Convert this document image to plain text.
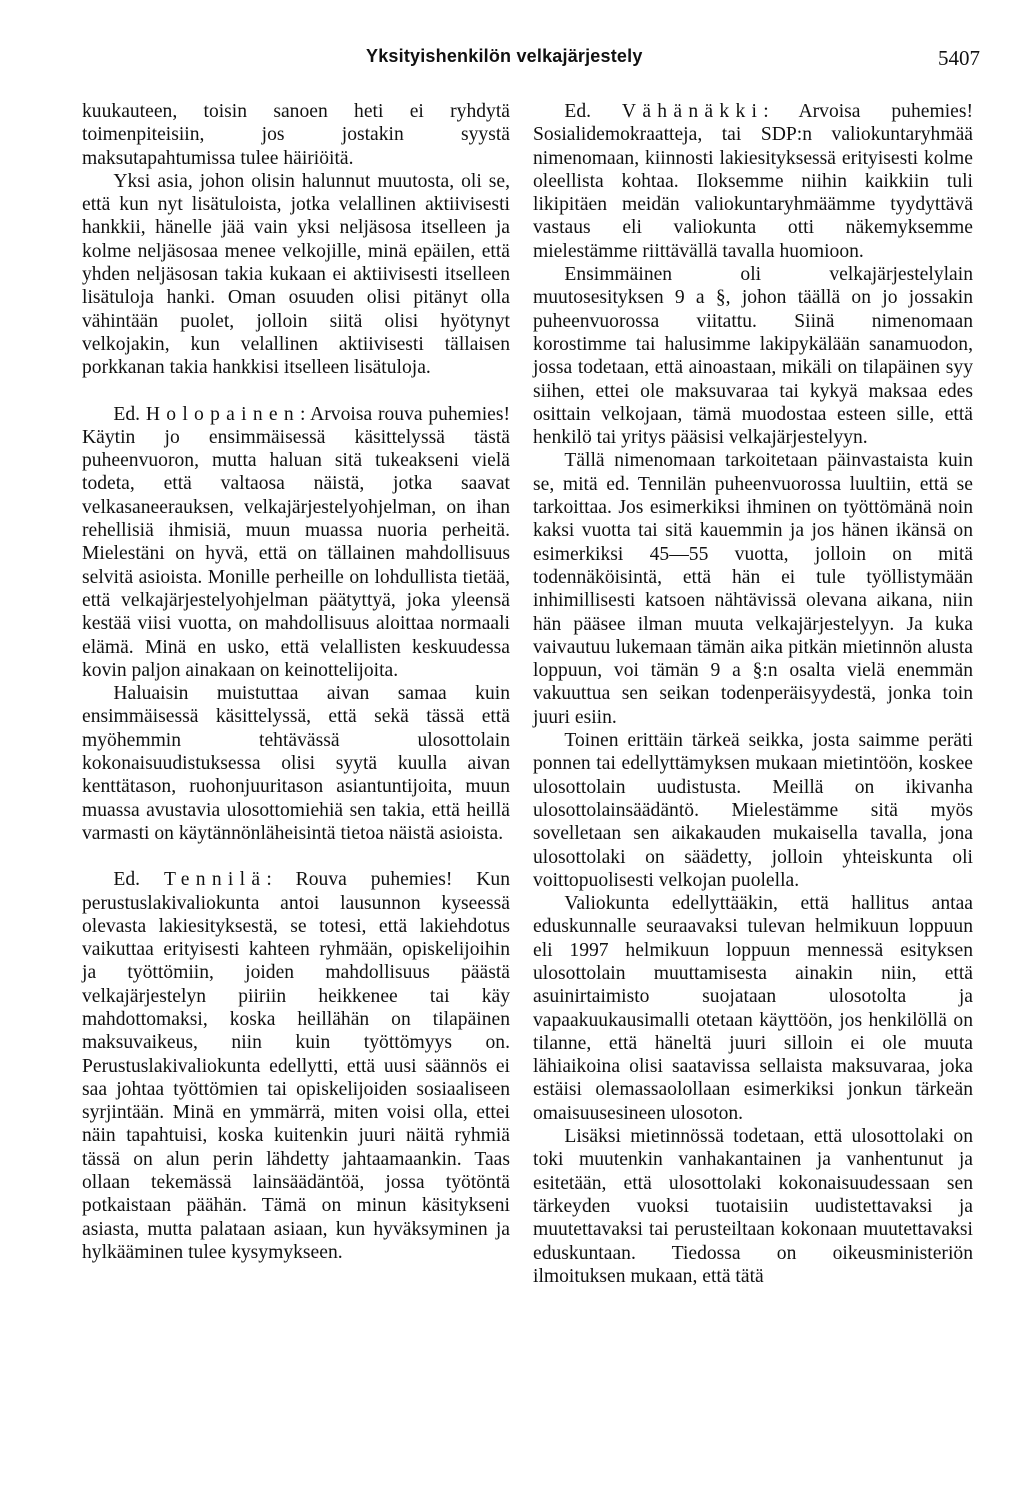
Yksityishenkilön velkajärjestely	5407

kuukauteen, toisin sanoen heti ei ryhdytä toimenpiteisiin, jos jostakin syystä maksutapahtumissa tulee häiriöitä.

Yksi asia, johon olisin halunnut muutosta, oli se, että kun nyt lisätuloista, jotka velallinen aktiivisesti hankkii, hänelle jää vain yksi neljäsosa itselleen ja kolme neljäsosaa menee velkojille, minä epäilen, että yhden neljäsosan takia kukaan ei aktiivisesti itselleen lisätuloja hanki. Oman osuuden olisi pitänyt olla vähintään puolet, jolloin siitä olisi hyötynyt velkojakin, kun velallinen aktiivisesti tällaisen porkkanan takia hankkisi itselleen lisätuloja.

Ed. Holopainen: Arvoisa rouva puhemies! Käytin jo ensimmäisessä käsittelyssä tästä puheenvuoron, mutta haluan sitä tukeakseni vielä todeta, että valtaosa näistä, jotka saavat velkasaneerauksen, velkajärjestelyohjelman, on ihan rehellisiä ihmisiä, muun muassa nuoria perheitä. Mielestäni on hyvä, että on tällainen mahdollisuus selvitä asioista. Monille perheille on lohdullista tietää, että velkajärjestelyohjelman päätyttyä, joka yleensä kestää viisi vuotta, on mahdollisuus aloittaa normaali elämä. Minä en usko, että velallisten keskuudessa kovin paljon ainakaan on keinottelijoita.

Haluaisin muistuttaa aivan samaa kuin ensimmäisessä käsittelyssä, että sekä tässä että myöhemmin tehtävässä ulosottolain kokonaisuudistuksessa olisi syytä kuulla aivan kenttätason, ruohonjuuritason asiantuntijoita, muun muassa avustavia ulosottomiehiä sen takia, että heillä varmasti on käytännönläheisintä tietoa näistä asioista.

Ed. Tennilä: Rouva puhemies! Kun perustuslakivaliokunta antoi lausunnon kyseessä olevasta lakiesityksestä, se totesi, että lakiehdotus vaikuttaa erityisesti kahteen ryhmään, opiskelijoihin ja työttömiin, joiden mahdollisuus päästä velkajärjestelyn piiriin heikkenee tai käy mahdottomaksi, koska heillähän on tilapäinen maksuvaikeus, niin kuin työttömyys on. Perustuslakivaliokunta edellytti, että uusi säännös ei saa johtaa työttömien tai opiskelijoiden sosiaaliseen syrjintään. Minä en ymmärrä, miten voisi olla, ettei näin tapahtuisi, koska kuitenkin juuri näitä ryhmiä tässä on alun perin lähdetty jahtaamaankin. Taas ollaan tekemässä lainsäädäntöä, jossa työtöntä potkaistaan päähän. Tämä on minun käsitykseni asiasta, mutta palataan asiaan, kun hyväksyminen ja hylkääminen tulee kysymykseen.

Ed. Vähänäkki: Arvoisa puhemies! Sosialidemokraatteja, tai SDP:n valiokuntaryhmää nimenomaan, kiinnosti lakiesityksessä erityisesti kolme oleellista kohtaa. Iloksemme niihin kaikkiin tuli likipitäen meidän valiokuntaryhmäämme tyydyttävä vastaus eli valiokunta otti näkemyksemme mielestämme riittävällä tavalla huomioon.

Ensimmäinen oli velkajärjestelylain muutosesityksen 9 a §, johon täällä on jo jossakin puheenvuorossa viitattu. Siinä nimenomaan korostimme tai halusimme lakipykälään sanamuodon, jossa todetaan, että ainoastaan, mikäli on tilapäinen syy siihen, ettei ole maksuvaraa tai kykyä maksaa edes osittain velkojaan, tämä muodostaa esteen sille, että henkilö tai yritys pääsisi velkajärjestelyyn.

Tällä nimenomaan tarkoitetaan päinvastaista kuin se, mitä ed. Tennilän puheenvuorossa luultiin, että se tarkoittaa. Jos esimerkiksi ihminen on työttömänä noin kaksi vuotta tai sitä kauemmin ja jos hänen ikänsä on esimerkiksi 45—55 vuotta, jolloin on mitä todennäköisintä, että hän ei tule työllistymään inhimillisesti katsoen nähtävissä olevana aikana, niin hän pääsee ilman muuta velkajärjestelyyn. Ja kuka vaivautuu lukemaan tämän aika pitkän mietinnön alusta loppuun, voi tämän 9 a §:n osalta vielä enemmän vakuuttua sen seikan todenperäisyydestä, jonka toin juuri esiin.

Toinen erittäin tärkeä seikka, josta saimme peräti ponnen tai edellyttämyksen mukaan mietintöön, koskee ulosottolain uudistusta. Meillä on ikivanha ulosottolainsäädäntö. Mielestämme sitä myös sovelletaan sen aikakauden mukaisella tavalla, jona ulosottolaki on säädetty, jolloin yhteiskunta oli voittopuolisesti velkojan puolella.

Valiokunta edellyttääkin, että hallitus antaa eduskunnalle seuraavaksi tulevan helmikuun loppuun eli 1997 helmikuun loppuun mennessä esityksen ulosottolain muuttamisesta ainakin niin, että asuinirtaimisto suojataan ulosotolta ja vapaakuukausimalli otetaan käyttöön, jos henkilöllä on tilanne, että häneltä juuri silloin ei ole muuta lähiaikoina olisi saatavissa sellaista maksuvaraa, joka estäisi olemassaolollaan esimerkiksi jonkun tärkeän omaisuusesineen ulosoton.

Lisäksi mietinnössä todetaan, että ulosottolaki on toki muutenkin vanhakantainen ja vanhentunut ja esitetään, että ulosottolaki kokonaisuudessaan sen tärkeyden vuoksi tuotaisiin uudistettavaksi ja muutettavaksi tai perusteiltaan kokonaan muutettavaksi eduskuntaan. Tiedossa on oikeusministeriön ilmoituksen mukaan, että tätä
